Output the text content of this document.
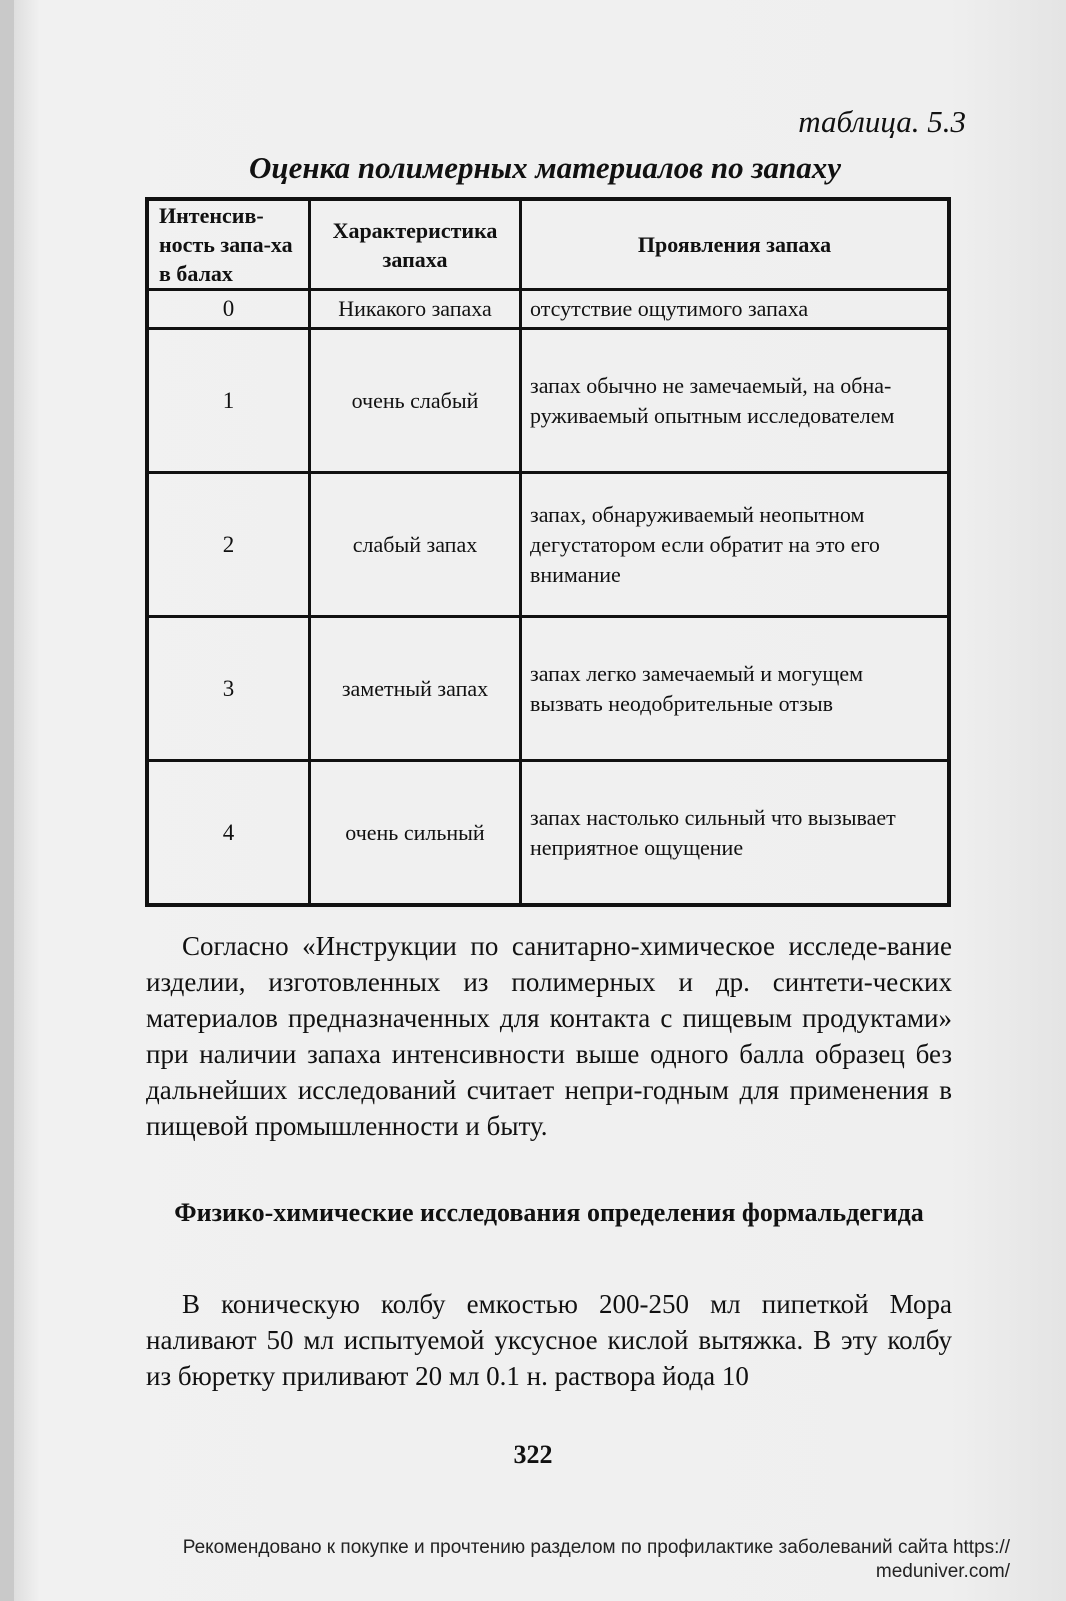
таблица. 5.3
Оценка полимерных материалов по запаху
Интенсив-ность запа-ха в балах	Характеристика запаха	Проявления запаха
0	Никакого запаха	отсутствие ощутимого запаха
1	очень слабый	запах обычно не замечаемый, на обна-руживаемый опытным исследователем
2	слабый запах	запах, обнаруживаемый неопытном дегустатором если обратит на это его внимание
3	заметный запах	запах легко замечаемый и могущем вызвать неодобрительные отзыв
4	очень сильный	запах настолько сильный что вызывает неприятное ощущение
Согласно «Инструкции по санитарно-химическое исследе-вание изделии, изготовленных из полимерных и др. синтети-ческих материалов предназначенных для контакта с пищевым продуктами» при наличии запаха интенсивности выше одного балла образец без дальнейших исследований считает непри-годным для применения в пищевой промышленности и быту.
Физико-химические исследования определения формальдегида
В коническую колбу емкостью 200-250 мл пипеткой Мора наливают 50 мл испытуемой уксусное кислой вытяжка. В эту колбу из бюретку приливают 20 мл 0.1 н. раствора йода 10
322
Рекомендовано к покупке и прочтению разделом по профилактике заболеваний сайта https:// meduniver.com/
